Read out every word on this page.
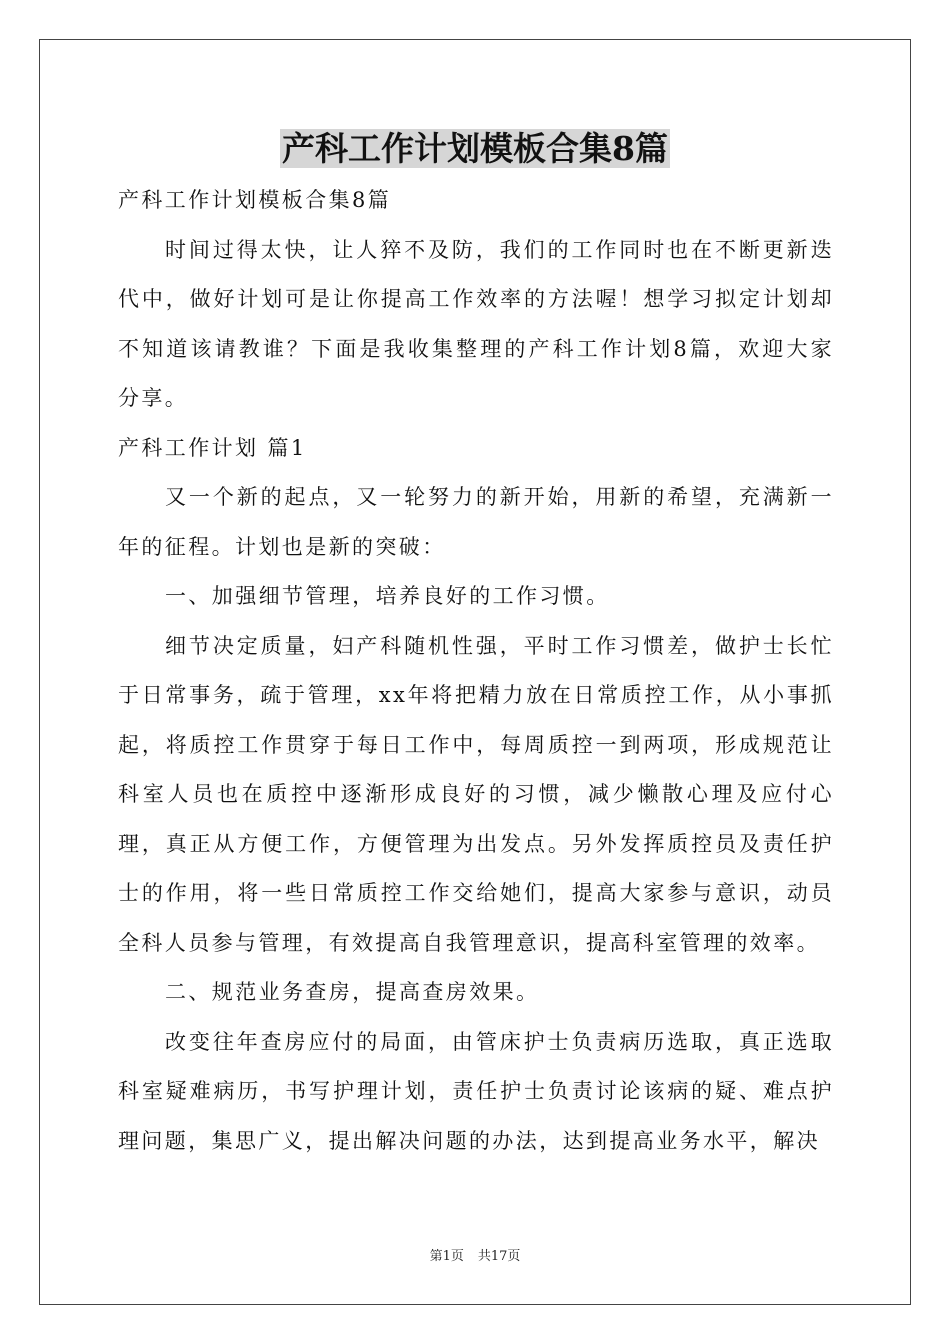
产科工作计划模板合集8篇

产科工作计划模板合集8篇

时间过得太快，让人猝不及防，我们的工作同时也在不断更新迭代中，做好计划可是让你提高工作效率的方法喔！想学习拟定计划却不知道该请教谁？下面是我收集整理的产科工作计划8篇，欢迎大家分享。

产科工作计划 篇1

又一个新的起点，又一轮努力的新开始，用新的希望，充满新一年的征程。计划也是新的突破：

一、加强细节管理，培养良好的工作习惯。

细节决定质量，妇产科随机性强，平时工作习惯差，做护士长忙于日常事务，疏于管理，xx年将把精力放在日常质控工作，从小事抓起，将质控工作贯穿于每日工作中，每周质控一到两项，形成规范让科室人员也在质控中逐渐形成良好的习惯，减少懒散心理及应付心理，真正从方便工作，方便管理为出发点。另外发挥质控员及责任护士的作用，将一些日常质控工作交给她们，提高大家参与意识，动员全科人员参与管理，有效提高自我管理意识，提高科室管理的效率。

二、规范业务查房，提高查房效果。

改变往年查房应付的局面，由管床护士负责病历选取，真正选取科室疑难病历，书写护理计划，责任护士负责讨论该病的疑、难点护理问题，集思广义，提出解决问题的办法，达到提高业务水平，解决

第1页 共17页
